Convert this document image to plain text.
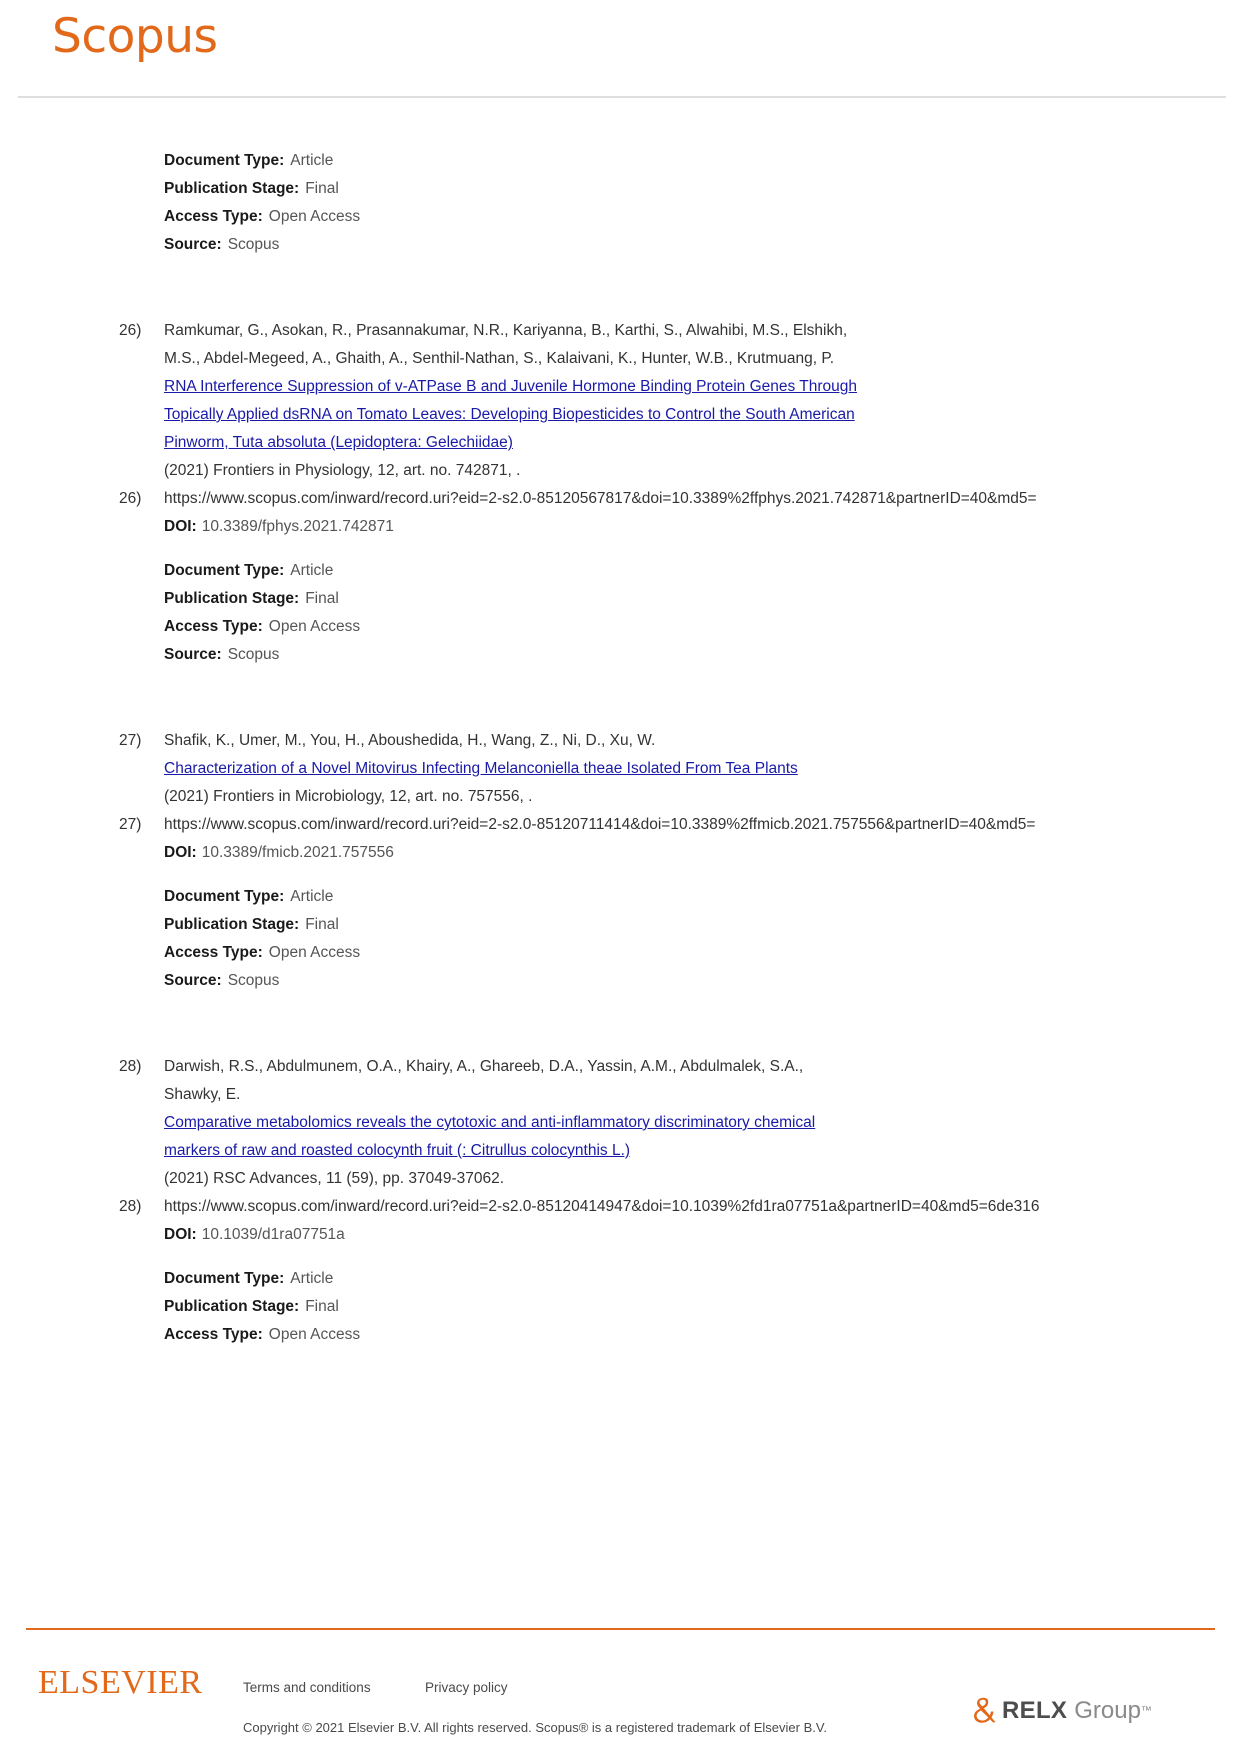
Scopus
Document Type: Article
Publication Stage: Final
Access Type: Open Access
Source: Scopus
26)	Ramkumar, G., Asokan, R., Prasannakumar, N.R., Kariyanna, B., Karthi, S., Alwahibi, M.S., Elshikh,
M.S., Abdel-Megeed, A., Ghaith, A., Senthil-Nathan, S., Kalaivani, K., Hunter, W.B., Krutmuang, P.
RNA Interference Suppression of v-ATPase B and Juvenile Hormone Binding Protein Genes Through
Topically Applied dsRNA on Tomato Leaves: Developing Biopesticides to Control the South American
Pinworm, Tuta absoluta (Lepidoptera: Gelechiidae)
(2021) Frontiers in Physiology, 12, art. no. 742871, .
26)	https://www.scopus.com/inward/record.uri?eid=2-s2.0-85120567817&doi=10.3389%2ffphys.2021.742871&partnerID=40&md5=
DOI: 10.3389/fphys.2021.742871
Document Type: Article
Publication Stage: Final
Access Type: Open Access
Source: Scopus
27)	Shafik, K., Umer, M., You, H., Aboushedida, H., Wang, Z., Ni, D., Xu, W.
Characterization of a Novel Mitovirus Infecting Melanconiella theae Isolated From Tea Plants
(2021) Frontiers in Microbiology, 12, art. no. 757556, .
27)	https://www.scopus.com/inward/record.uri?eid=2-s2.0-85120711414&doi=10.3389%2ffmicb.2021.757556&partnerID=40&md5=
DOI: 10.3389/fmicb.2021.757556
Document Type: Article
Publication Stage: Final
Access Type: Open Access
Source: Scopus
28)	Darwish, R.S., Abdulmunem, O.A., Khairy, A., Ghareeb, D.A., Yassin, A.M., Abdulmalek, S.A.,
Shawky, E.
Comparative metabolomics reveals the cytotoxic and anti-inflammatory discriminatory chemical
markers of raw and roasted colocynth fruit (: Citrullus colocynthis L.)
(2021) RSC Advances, 11 (59), pp. 37049-37062.
28)	https://www.scopus.com/inward/record.uri?eid=2-s2.0-85120414947&doi=10.1039%2fd1ra07751a&partnerID=40&md5=6de316
DOI: 10.1039/d1ra07751a
Document Type: Article
Publication Stage: Final
Access Type: Open Access
ELSEVIER	Terms and conditions	Privacy policy
Copyright © 2021 Elsevier B.V. All rights reserved. Scopus® is a registered trademark of Elsevier B.V.
RELX Group ™
